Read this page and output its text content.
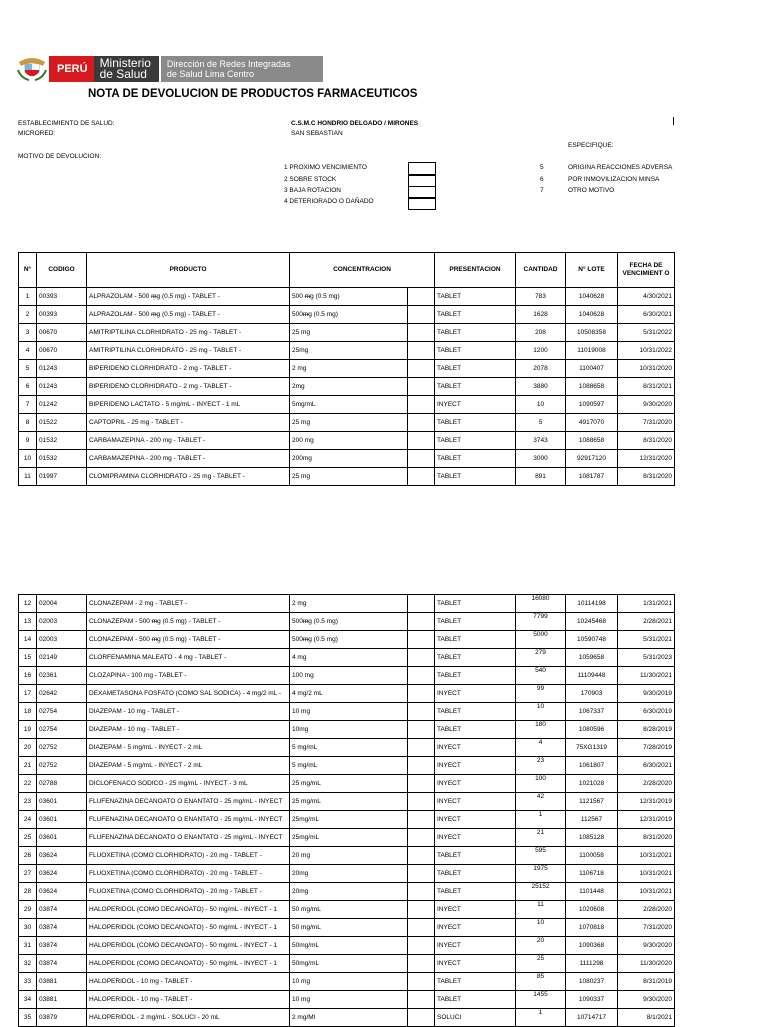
PERÚ	Ministerio
de Salud
Dirección de Redes Integradas
de Salud Lima Centro
NOTA DE DEVOLUCION DE PRODUCTOS FARMACEUTICOS
ESTABLECIMIENTO DE SALUD:	C.S.M.C HONDRIO DELGADO / MIRONES
MICRORED:	SAN SEBASTIAN
ESPECIFIQUE:
MOTIVO DE DEVOLUCION:
1 PROXIMO VENCIMIENTO
2 SOBRE STOCK
3 BAJA ROTACION
4 DETERIORADO O DAÑADO
5	ORIGINA REACCIONES ADVERSA
6	POR INMOVILIZACION MINSA
7	OTRO MOTIVO
N°	CODIGO	PRODUCTO	CONCENTRACION		PRESENTACION	CANTIDAD	N° LOTE	FECHA DE VENCIMIENT O
1	00393	ALPRAZOLAM - 500 ᵯg (0.5 mg) - TABLET -	500 ᵯg (0.5 mg)		TABLET	783	1040628	4/30/2021
2	00393	ALPRAZOLAM - 500 ᵯg (0.5 mg) - TABLET -	500ᵯg (0.5 mg)		TABLET	1628	1040628	6/30/2021
3	00670	AMITRIPTILINA CLORHIDRATO - 25 mg - TABLET -	25 mg		TABLET	208	10508358	5/31/2022
4	00670	AMITRIPTILINA CLORHIDRATO - 25 mg - TABLET -	25mg		TABLET	1200	11019008	10/31/2022
5	01243	BIPERIDENO CLORHIDRATO - 2 mg - TABLET -	2 mg		TABLET	2078	1100407	10/31/2020
6	01243	BIPERIDENO CLORHIDRATO - 2 mg - TABLET -	2mg		TABLET	3880	1088658	8/31/2021
7	01242	BIPERIDENO LACTATO - 5 mg/mL - INYECT - 1 mL	5mg/mL		INYECT	10	1090597	9/30/2020
8	01522	CAPTOPRIL - 25 mg - TABLET -	25 mg		TABLET	5	4917070	7/31/2020
9	01532	CARBAMAZEPINA - 200 mg - TABLET -	200 mg		TABLET	3743	1088658	8/31/2020
10	01532	CARBAMAZEPINA - 200 mg - TABLET -	200mg		TABLET	3000	92917120	12/31/2020
11	01997	CLOMIPRAMINA CLORHIDRATO - 25 mg - TABLET -	25 mg		TABLET	891	1081787	8/31/2020
12	02004	CLONAZEPAM - 2 mg - TABLET -	2 mg		TABLET	16080	10114198	1/31/2021
13	02003	CLONAZEPAM - 500 ᵯg (0.5 mg) - TABLET -	500ᵯg (0.5 mg)		TABLET	7799	10245468	2/28/2021
14	02003	CLONAZEPAM - 500 ᵯg (0.5 mg) - TABLET -	500ᵯg (0.5 mg)		TABLET	5000	10590748	5/31/2021
15	02149	CLORFENAMINA MALEATO - 4 mg - TABLET -	4 mg		TABLET	279	1059658	5/31/2023
16	02361	CLOZAPINA - 100 mg - TABLET -	100 mg		TABLET	540	11109448	11/30/2021
17	02642	DEXAMETASONA FOSFATO (COMO SAL SODICA) - 4 mg/2 mL -	4 mg/2 mL		INYECT	99	170903	9/30/2019
18	02754	DIAZEPAM - 10 mg - TABLET -	10 mg		TABLET	10	1067337	6/30/2019
19	02754	DIAZEPAM - 10 mg - TABLET -	10mg		TABLET	180	1080596	8/28/2019
20	02752	DIAZEPAM - 5 mg/mL - INYECT - 2 mL	5 mg/mL		INYECT	4	75XG1319	7/28/2019
21	02752	DIAZEPAM - 5 mg/mL - INYECT - 2 mL	5 mg/mL		INYECT	23	1061807	6/30/2021
22	02788	DICLOFENACO SODICO - 25 mg/mL - INYECT - 3 mL	25 mg/mL		INYECT	100	1021028	2/28/2020
23	03601	FLUFENAZINA DECANOATO O ENANTATO - 25 mg/mL - INYECT	25 mg/mL		INYECT	42	1121567	12/31/2019
24	03601	FLUFENAZINA DECANOATO O ENANTATO - 25 mg/mL - INYECT	25mg/mL		INYECT	1	112567	12/31/2019
25	03601	FLUFENAZINA DECANOATO O ENANTATO - 25 mg/mL - INYECT	25mg/mL		INYECT	21	1085128	8/31/2020
26	03624	FLUOXETINA (COMO CLORHIDRATO) - 20 mg - TABLET -	20 mg		TABLET	595	1100058	10/31/2021
27	03624	FLUOXETINA (COMO CLORHIDRATO) - 20 mg - TABLET -	20mg		TABLET	1975	1106718	10/31/2021
28	03624	FLUOXETINA (COMO CLORHIDRATO) - 20 mg - TABLET -	20mg		TABLET	25152	1101448	10/31/2021
29	03874	HALOPERIDOL (COMO DECANOATO) - 50 mg/mL - INYECT - 1	50 mg/mL		INYECT	11	1020608	2/28/2020
30	03874	HALOPERIDOL (COMO DECANOATO) - 50 mg/mL - INYECT - 1	50 mg/mL		INYECT	10	1070818	7/31/2020
31	03874	HALOPERIDOL (COMO DECANOATO) - 50 mg/mL - INYECT - 1	50mg/mL		INYECT	20	1090368	9/30/2020
32	03874	HALOPERIDOL (COMO DECANOATO) - 50 mg/mL - INYECT - 1	50mg/mL		INYECT	25	1111298	11/30/2020
33	03881	HALOPERIDOL - 10 mg - TABLET -	10 mg		TABLET	85	1080237	8/31/2019
34	03881	HALOPERIDOL - 10 mg - TABLET -	10 mg		TABLET	1455	1090337	9/30/2020
35	03879	HALOPERIDOL - 2 mg/mL - SOLUCI - 20 mL	2 mg/Ml		SOLUCI	1	10714717	8/1/2021
